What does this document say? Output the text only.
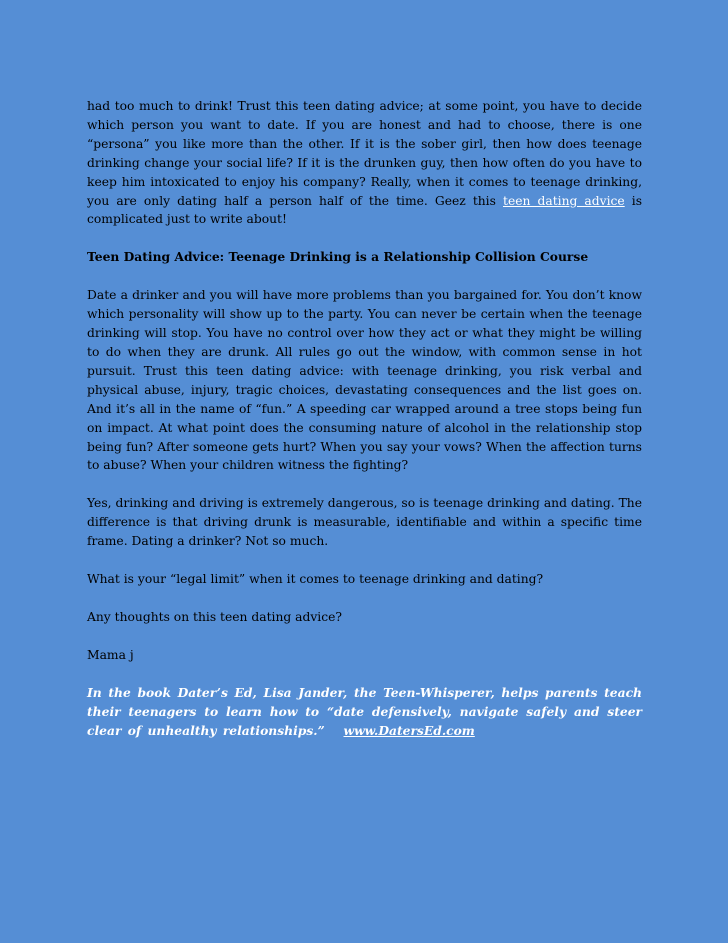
had too much to drink! Trust this teen dating advice; at some point, you have to decide which person you want to date. If you are honest and had to choose, there is one “persona” you like more than the other. If it is the sober girl, then how does teenage drinking change your social life? If it is the drunken guy, then how often do you have to keep him intoxicated to enjoy his company? Really, when it comes to teenage drinking, you are only dating half a person half of the time. Geez this teen dating advice is complicated just to write about!

Teen Dating Advice: Teenage Drinking is a Relationship Collision Course

Date a drinker and you will have more problems than you bargained for. You don’t know which personality will show up to the party. You can never be certain when the teenage drinking will stop. You have no control over how they act or what they might be willing to do when they are drunk. All rules go out the window, with common sense in hot pursuit. Trust this teen dating advice: with teenage drinking, you risk verbal and physical abuse, injury, tragic choices, devastating consequences and the list goes on. And it’s all in the name of “fun.” A speeding car wrapped around a tree stops being fun on impact. At what point does the consuming nature of alcohol in the relationship stop being fun? After someone gets hurt? When you say your vows? When the affection turns to abuse? When your children witness the fighting?

Yes, drinking and driving is extremely dangerous, so is teenage drinking and dating. The difference is that driving drunk is measurable, identifiable and within a specific time frame. Dating a drinker? Not so much.

What is your “legal limit” when it comes to teenage drinking and dating?

Any thoughts on this teen dating advice?

Mama j

In the book Dater’s Ed, Lisa Jander, the Teen-Whisperer, helps parents teach their teenagers to learn how to “date defensively, navigate safely and steer clear of unhealthy relationships.” www.DatersEd.com
